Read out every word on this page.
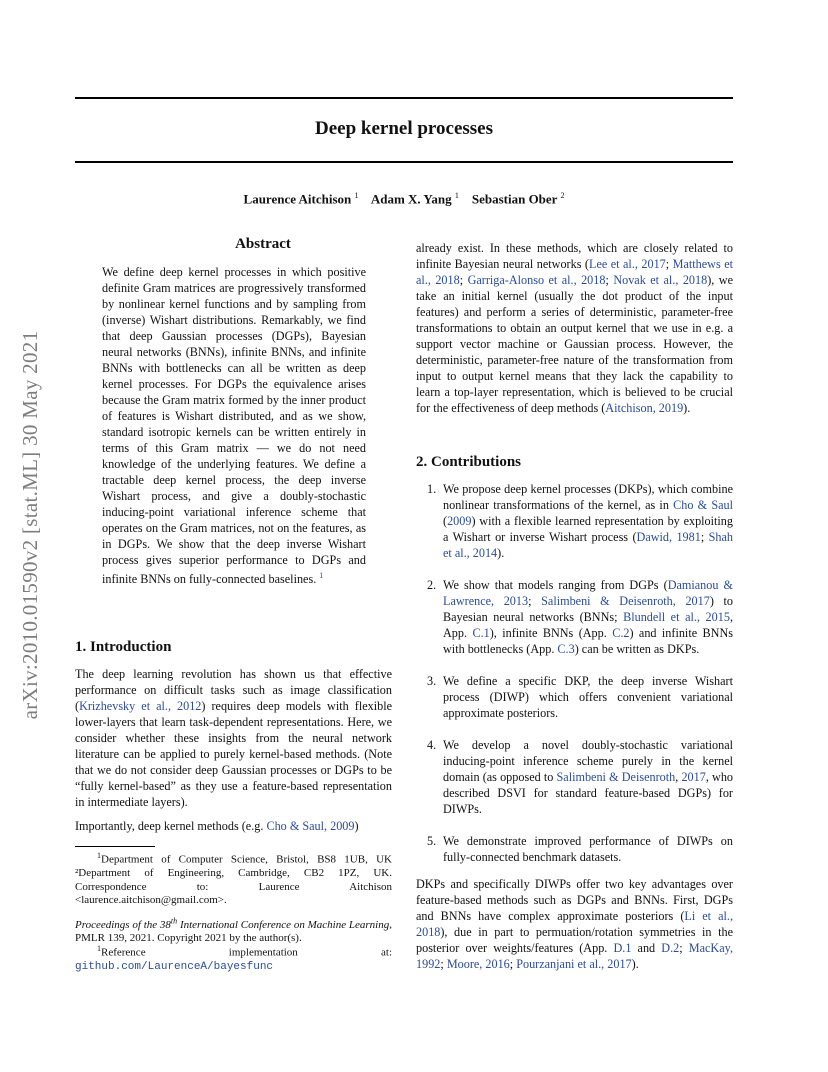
Deep kernel processes
Laurence Aitchison $^1$ Adam X. Yang $^1$ Sebastian Ober $^2$
arXiv:2010.01590v2 [stat.ML] 30 May 2021
Abstract

We define deep kernel processes in which positive definite Gram matrices are progressively transformed by nonlinear kernel functions and by sampling from (inverse) Wishart distributions. Remarkably, we find that deep Gaussian processes (DGPs), Bayesian neural networks (BNNs), infinite BNNs, and infinite BNNs with bottlenecks can all be written as deep kernel processes. For DGPs the equivalence arises because the Gram matrix formed by the inner product of features is Wishart distributed, and as we show, standard isotropic kernels can be written entirely in terms of this Gram matrix — we do not need knowledge of the underlying features. We define a tractable deep kernel process, the deep inverse Wishart process, and give a doubly-stochastic inducing-point variational inference scheme that operates on the Gram matrices, not on the features, as in DGPs. We show that the deep inverse Wishart process gives superior performance to DGPs and infinite BNNs on fully-connected baselines. $^1$

1. Introduction

The deep learning revolution has shown us that effective performance on difficult tasks such as image classification (Krizhevsky et al., 2012) requires deep models with flexible lower-layers that learn task-dependent representations. Here, we consider whether these insights from the neural network literature can be applied to purely kernel-based methods. (Note that we do not consider deep Gaussian processes or DGPs to be “fully kernel-based” as they use a feature-based representation in intermediate layers).

Importantly, deep kernel methods (e.g. Cho & Saul, 2009)

$^1$Department of Computer Science, Bristol, BS8 1UB, UK ²Department of Engineering, Cambridge, CB2 1PZ, UK. Correspondence to: Laurence Aitchison <laurence.aitchison@gmail.com>.

Proceedings of the 38th International Conference on Machine Learning, PMLR 139, 2021. Copyright 2021 by the author(s).

$^1$Reference implementation at: github.com/LaurenceA/bayesfunc

already exist. In these methods, which are closely related to infinite Bayesian neural networks (Lee et al., 2017; Matthews et al., 2018; Garriga-Alonso et al., 2018; Novak et al., 2018), we take an initial kernel (usually the dot product of the input features) and perform a series of deterministic, parameter-free transformations to obtain an output kernel that we use in e.g. a support vector machine or Gaussian process. However, the deterministic, parameter-free nature of the transformation from input to output kernel means that they lack the capability to learn a top-layer representation, which is believed to be crucial for the effectiveness of deep methods (Aitchison, 2019).

2. Contributions
1. We propose deep kernel processes (DKPs), which combine nonlinear transformations of the kernel, as in Cho & Saul (2009) with a flexible learned representation by exploiting a Wishart or inverse Wishart process (Dawid, 1981; Shah et al., 2014).
2. We show that models ranging from DGPs (Damianou & Lawrence, 2013; Salimbeni & Deisenroth, 2017) to Bayesian neural networks (BNNs; Blundell et al., 2015, App. C.1), infinite BNNs (App. C.2) and infinite BNNs with bottlenecks (App. C.3) can be written as DKPs.
3. We define a specific DKP, the deep inverse Wishart process (DIWP) which offers convenient variational approximate posteriors.
4. We develop a novel doubly-stochastic variational inducing-point inference scheme purely in the kernel domain (as opposed to Salimbeni & Deisenroth, 2017, who described DSVI for standard feature-based DGPs) for DIWPs.
5. We demonstrate improved performance of DIWPs on fully-connected benchmark datasets.

DKPs and specifically DIWPs offer two key advantages over feature-based methods such as DGPs and BNNs. First, DGPs and BNNs have complex approximate posteriors (Li et al., 2018), due in part to permuation/rotation symmetries in the posterior over weights/features (App. D.1 and D.2; MacKay, 1992; Moore, 2016; Pourzanjani et al., 2017).
